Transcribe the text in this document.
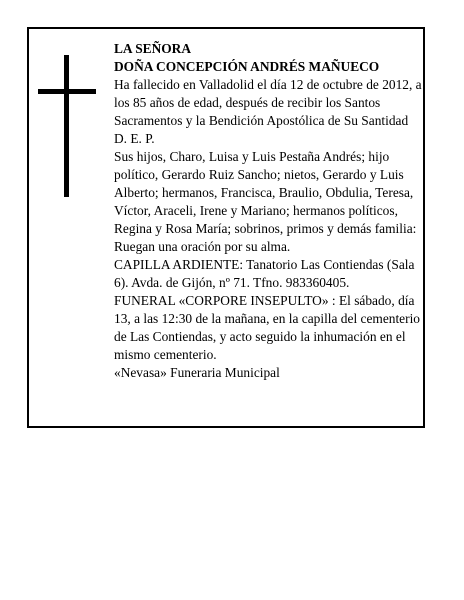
LA SEÑORA

DOÑA CONCEPCIÓN ANDRÉS MAÑUECO

Ha fallecido en Valladolid el día 12 de octubre de 2012, a los 85 años de edad, después de recibir los Santos Sacramentos y la Bendición Apostólica de Su Santidad D. E. P.

Sus hijos, Charo, Luisa y Luis Pestaña Andrés; hijo político, Gerardo Ruiz Sancho; nietos, Gerardo y Luis Alberto; hermanos, Francisca, Braulio, Obdulia, Teresa, Víctor, Araceli, Irene y Mariano; hermanos políticos, Regina y Rosa María; sobrinos, primos y demás familia:

Ruegan una oración por su alma.

CAPILLA ARDIENTE: Tanatorio Las Contiendas (Sala 6). Avda. de Gijón, nº 71. Tfno. 983360405.

FUNERAL «CORPORE INSEPULTO» : El sábado, día 13, a las 12:30 de la mañana, en la capilla del cementerio de Las Contiendas, y acto seguido la inhumación en el mismo cementerio.

«Nevasa» Funeraria Municipal
